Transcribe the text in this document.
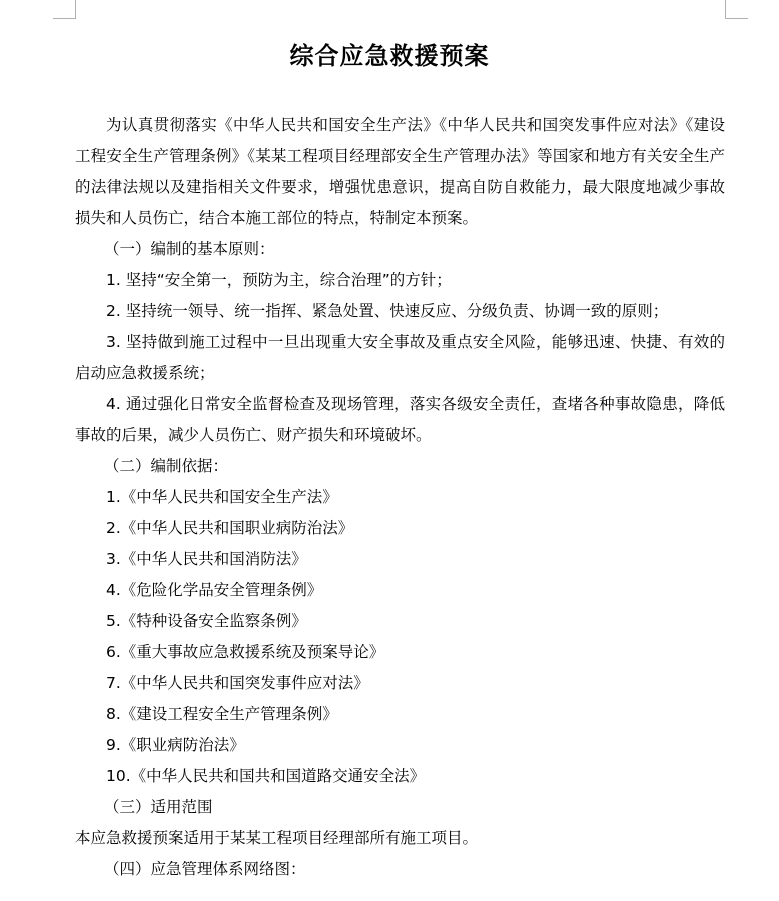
综合应急救援预案

为认真贯彻落实《中华人民共和国安全生产法》《中华人民共和国突发事件应对法》《建设工程安全生产管理条例》《某某工程项目经理部安全生产管理办法》等国家和地方有关安全生产的法律法规以及建指相关文件要求，增强忧患意识，提高自防自救能力，最大限度地减少事故损失和人员伤亡，结合本施工部位的特点，特制定本预案。

（一）编制的基本原则：

1. 坚持“安全第一，预防为主，综合治理”的方针；

2. 坚持统一领导、统一指挥、紧急处置、快速反应、分级负责、协调一致的原则；

3. 坚持做到施工过程中一旦出现重大安全事故及重点安全风险，能够迅速、快捷、有效的启动应急救援系统；

4. 通过强化日常安全监督检查及现场管理，落实各级安全责任，查堵各种事故隐患，降低事故的后果，减少人员伤亡、财产损失和环境破坏。

（二）编制依据：

1.《中华人民共和国安全生产法》

2.《中华人民共和国职业病防治法》

3.《中华人民共和国消防法》

4.《危险化学品安全管理条例》

5.《特种设备安全监察条例》

6.《重大事故应急救援系统及预案导论》

7.《中华人民共和国突发事件应对法》

8.《建设工程安全生产管理条例》

9.《职业病防治法》

10.《中华人民共和国共和国道路交通安全法》

（三）适用范围

本应急救援预案适用于某某工程项目经理部所有施工项目。

（四）应急管理体系网络图：
